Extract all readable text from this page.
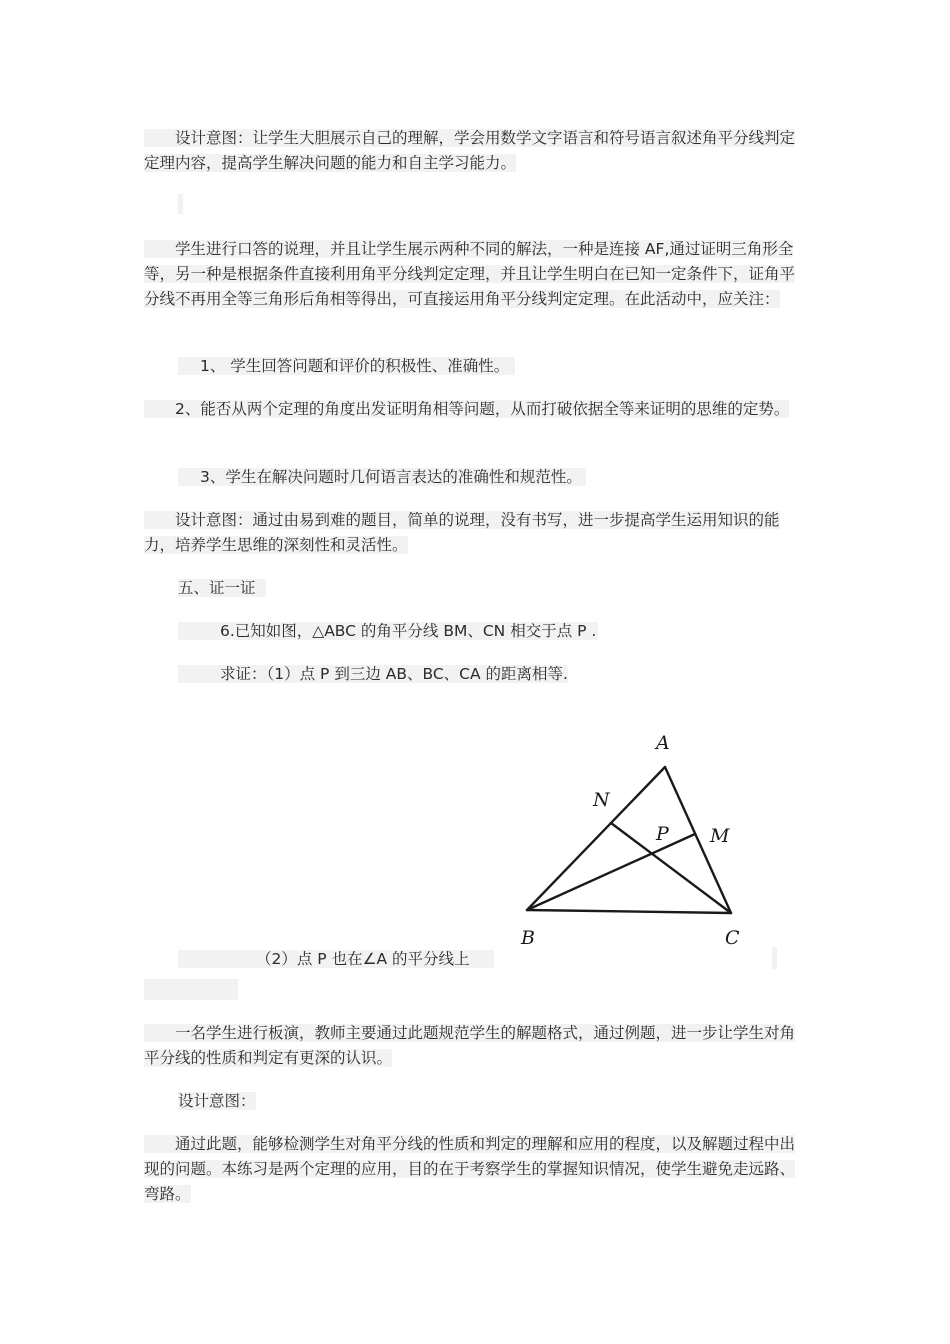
　　设计意图：让学生大胆展示自己的理解，学会用数学文字语言和符号语言叙述角平分线判定定理内容，提高学生解决问题的能力和自主学习能力。

　　学生进行口答的说理，并且让学生展示两种不同的解法，一种是连接 AF,通过证明三角形全等，另一种是根据条件直接利用角平分线判定定理，并且让学生明白在已知一定条件下，证角平分线不再用全等三角形后角相等得出，可直接运用角平分线判定定理。在此活动中，应关注：

1、 学生回答问题和评价的积极性、准确性。

　　2、能否从两个定理的角度出发证明角相等问题，从而打破依据全等来证明的思维的定势。

3、学生在解决问题时几何语言表达的准确性和规范性。

　　设计意图：通过由易到难的题目，简单的说理，没有书写，进一步提高学生运用知识的能力，培养学生思维的深刻性和灵活性。

五、证一证

6.已知如图，△ABC 的角平分线 BM、CN 相交于点 P .

求证：（1）点 P 到三边 AB、BC、CA 的距离相等.

A
B	C
M
N
P

（2）点 P 也在∠A 的平分线上

　　一名学生进行板演，教师主要通过此题规范学生的解题格式，通过例题，进一步让学生对角平分线的性质和判定有更深的认识。

设计意图：

　　通过此题，能够检测学生对角平分线的性质和判定的理解和应用的程度，以及解题过程中出现的问题。本练习是两个定理的应用，目的在于考察学生的掌握知识情况，使学生避免走远路、弯路。
